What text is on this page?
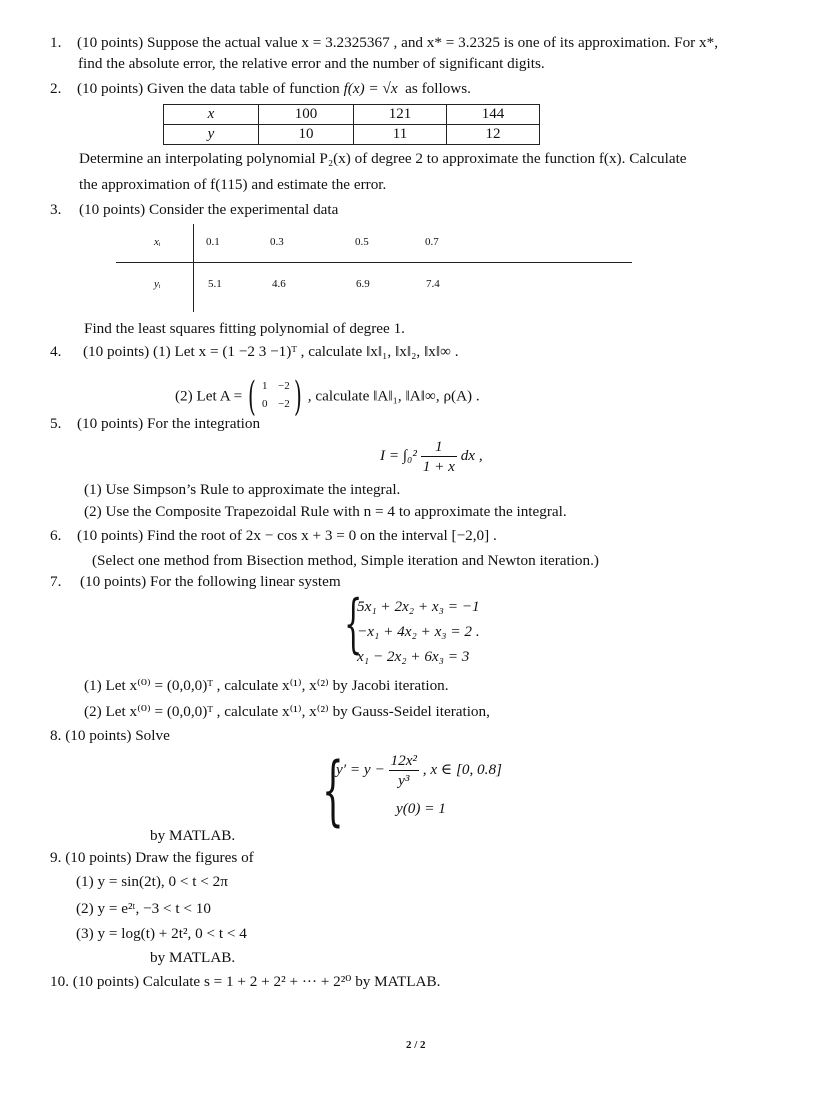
1. (10 points) Suppose the actual value x = 3.2325367 , and x* = 3.2325 is one of its approximation. For x*,
find the absolute error, the relative error and the number of significant digits.
2. (10 points) Given the data table of function f(x) = √x as follows.
x	100	121	144
y	10	11	12
Determine an interpolating polynomial P₂(x) of degree 2 to approximate the function f(x). Calculate
the approximation of f(115) and estimate the error.
3. (10 points) Consider the experimental data
xᵢ	0.1	0.3	0.5	0.7
yᵢ	5.1	4.6	6.9	7.4
Find the least squares fitting polynomial of degree 1.
4. (10 points) (1) Let x = (1 −2 3 −1)ᵀ , calculate ‖x‖₁, ‖x‖₂, ‖x‖∞ .
(2) Let A = ( 1 −2
0 −2 ) , calculate ‖A‖₁, ‖A‖∞, ρ(A) .
5. (10 points) For the integration
$I = \int_0^2 \frac{1}{1 + x}$ dx ,
(1) Use Simpson’s Rule to approximate the integral.
(2) Use the Composite Trapezoidal Rule with n = 4 to approximate the integral.
6. (10 points) Find the root of 2x − cos x + 3 = 0 on the interval [−2,0] .
(Select one method from Bisection method, Simple iteration and Newton iteration.)
7. (10 points) For the following linear system
{
5x₁ + 2x₂ + x₃ = −1
−x₁ + 4x₂ + x₃ = 2 .
x₁ − 2x₂ + 6x₃ = 3
(1) Let x⁽⁰⁾ = (0,0,0)ᵀ , calculate x⁽¹⁾, x⁽²⁾ by Jacobi iteration.
(2) Let x⁽⁰⁾ = (0,0,0)ᵀ , calculate x⁽¹⁾, x⁽²⁾ by Gauss-Seidel iteration,
8. (10 points) Solve
{
$y' = y - \frac{\text{12x²}}{\text{y³}}$ , x ∈ [0, 0.8]
y(0) = 1
by MATLAB.
9. (10 points) Draw the figures of
(1) y = sin(2t), 0 < t < 2π
(2) y = e²ᵗ, −3 < t < 10
(3) y = log(t) + 2t², 0 < t < 4
by MATLAB.
10. (10 points) Calculate s = 1 + 2 + 2² + ··· + 2²⁰ by MATLAB.
2 / 2
